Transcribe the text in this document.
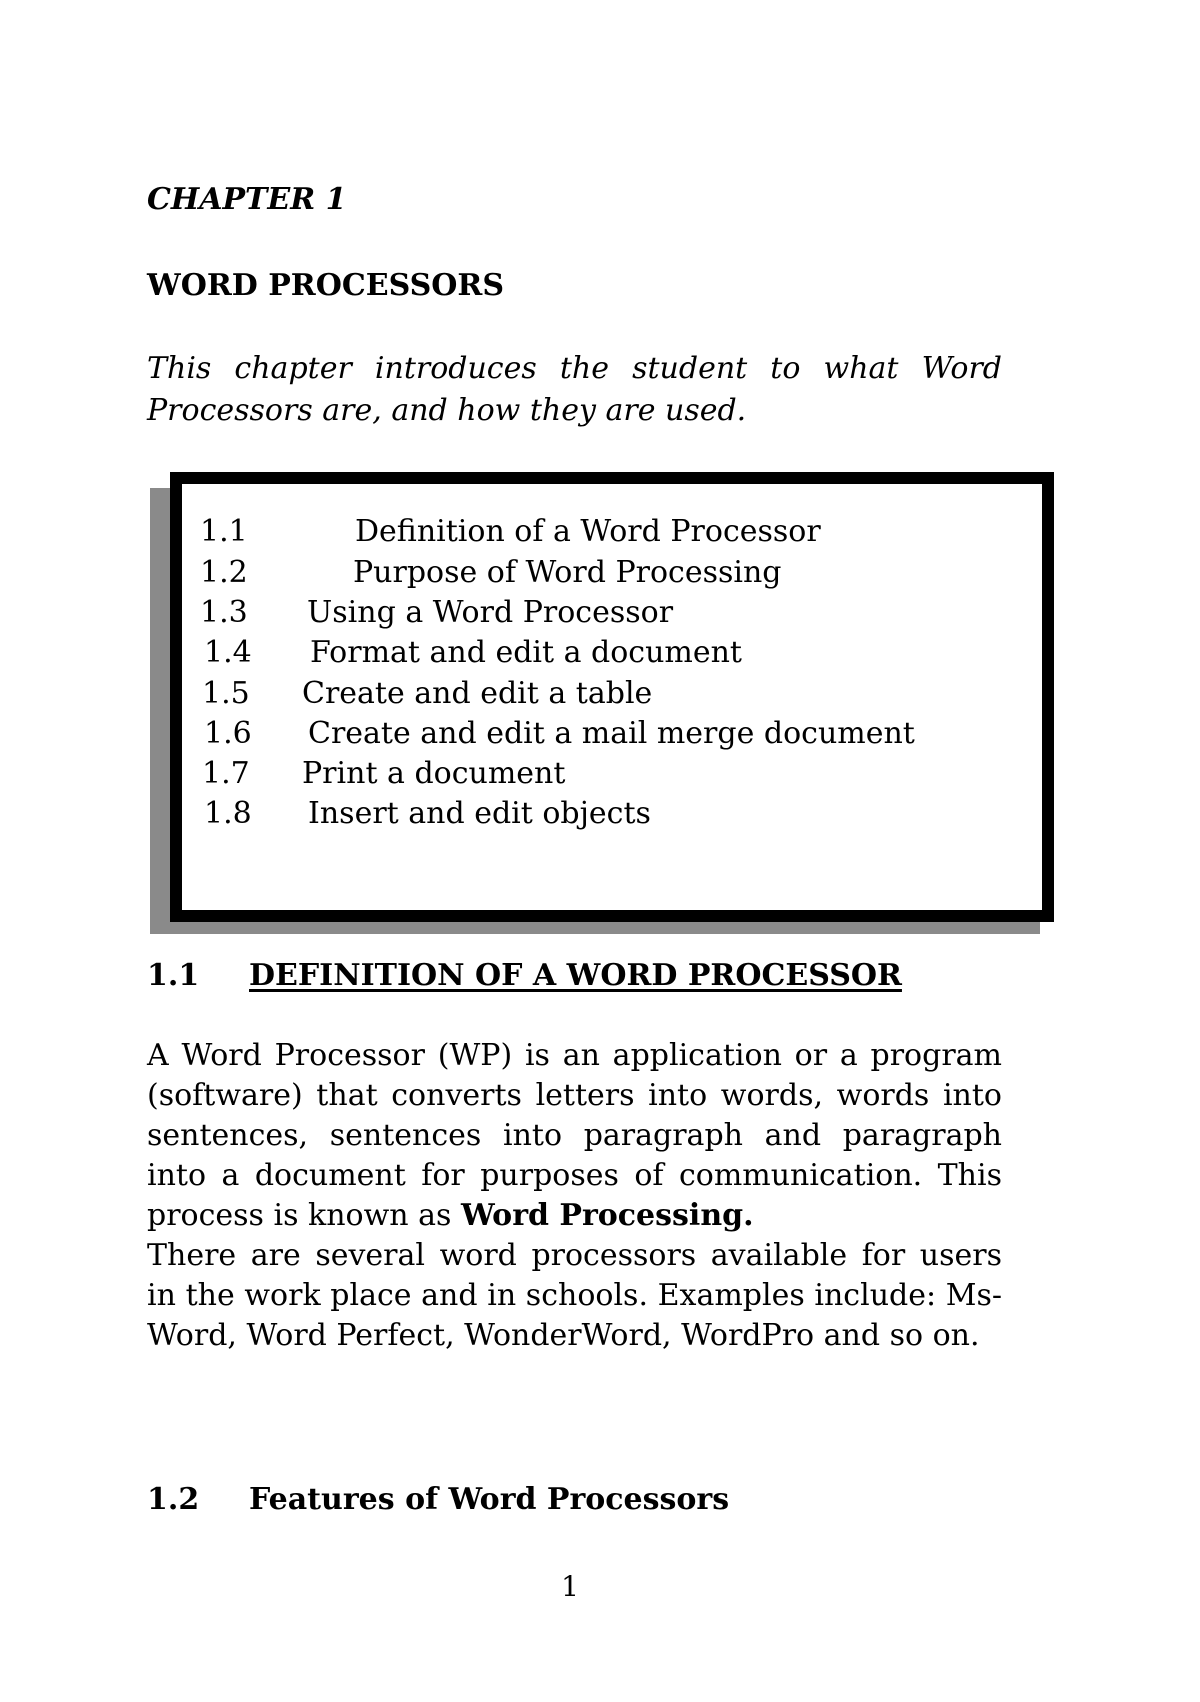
CHAPTER 1
WORD PROCESSORS
This chapter introduces the student to what Word Processors are, and how they are used.
1.1	Definition of a Word Processor
1.2	Purpose of Word Processing
1.3 Using a Word Processor
1.4 Format and edit a document
1.5 Create and edit a table
1.6 Create and edit a mail merge document
1.7 Print a document
1.8 Insert and edit objects
1.1 DEFINITION OF A WORD PROCESSOR

A Word Processor (WP) is an application or a program (software) that converts letters into words, words into sentences, sentences into paragraph and paragraph into a document for purposes of communication. This process is known as Word Processing.

There are several word processors available for users in the work place and in schools. Examples include: Ms-Word, Word Perfect, WonderWord, WordPro and so on.

1.2 Features of Word Processors
1
